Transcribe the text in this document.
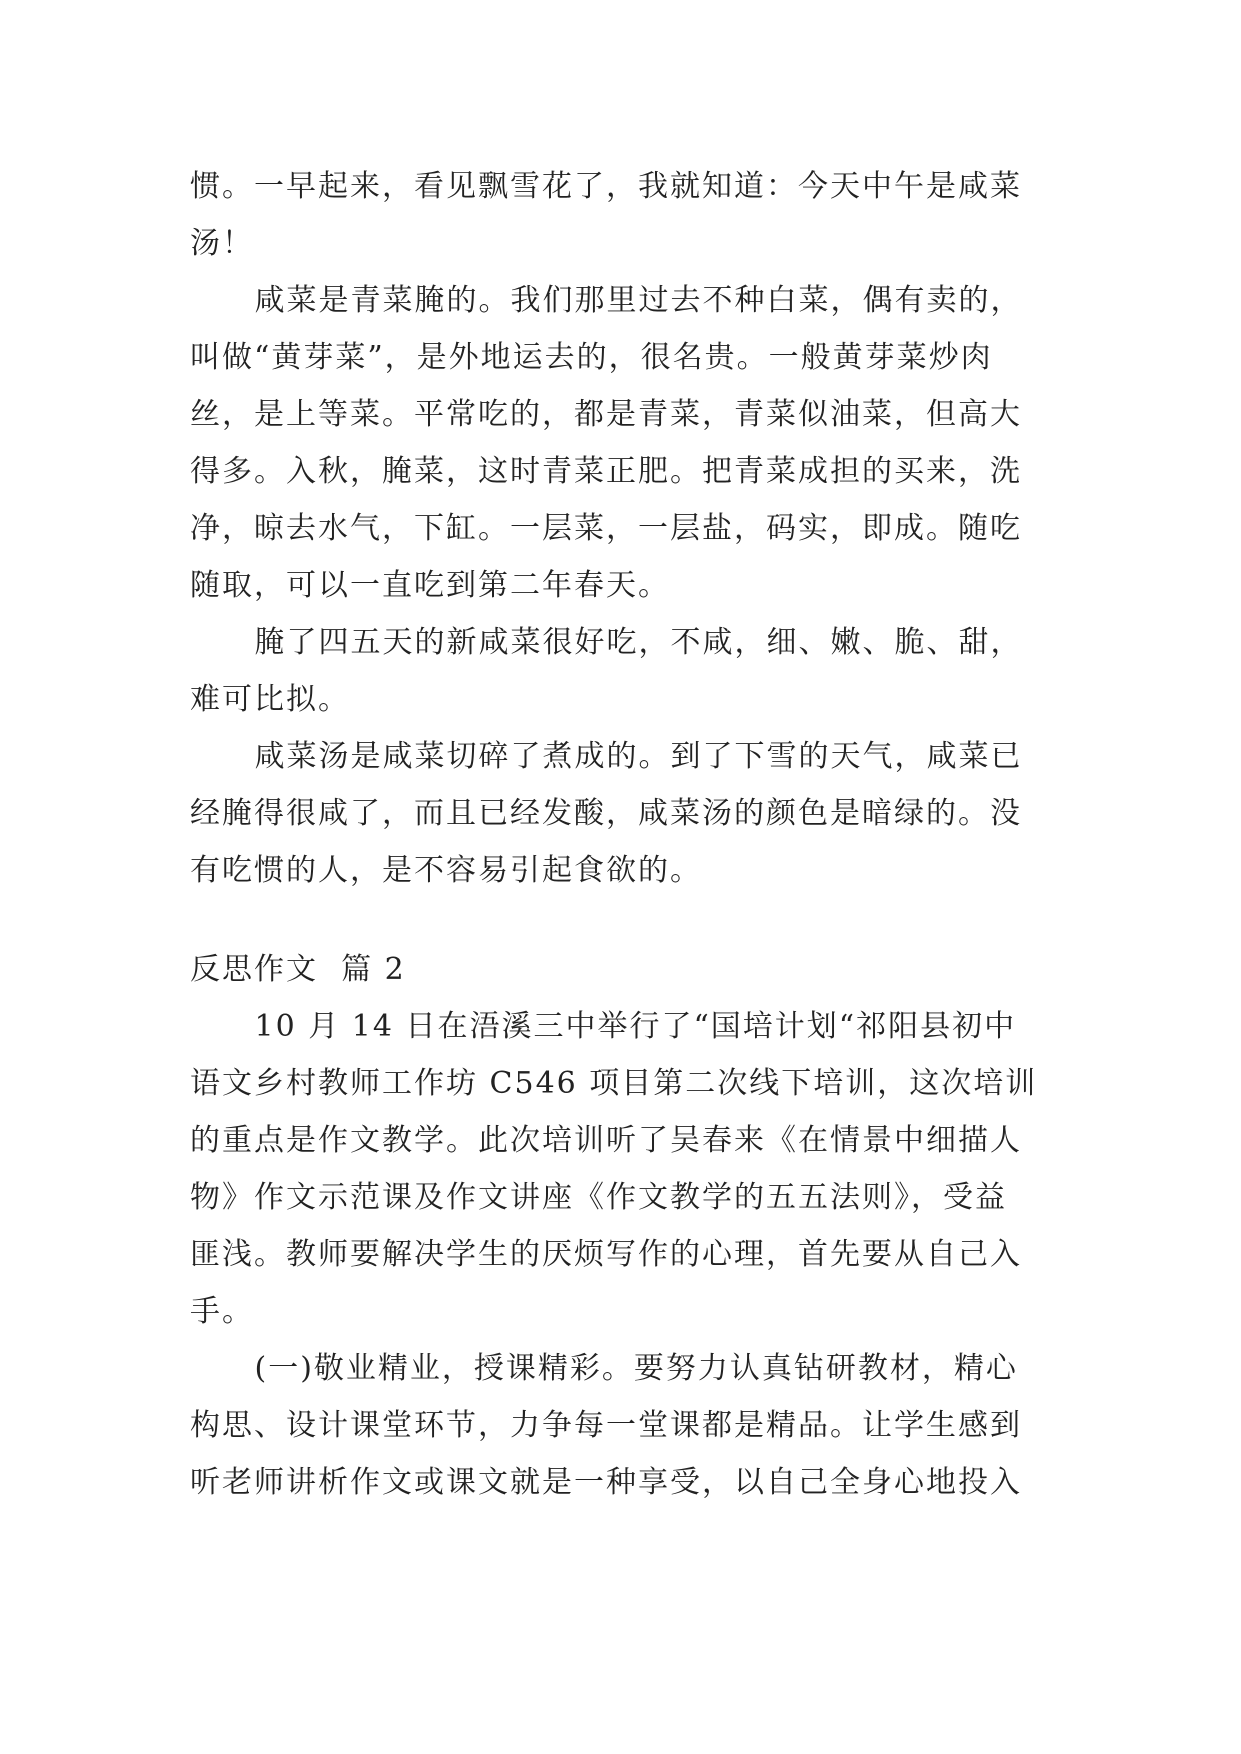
惯。一早起来，看见飘雪花了，我就知道：今天中午是咸菜
汤！

咸菜是青菜腌的。我们那里过去不种白菜，偶有卖的，
叫做“黄芽菜”，是外地运去的，很名贵。一般黄芽菜炒肉
丝，是上等菜。平常吃的，都是青菜，青菜似油菜，但高大
得多。入秋，腌菜，这时青菜正肥。把青菜成担的买来，洗
净，晾去水气，下缸。一层菜，一层盐，码实，即成。随吃
随取，可以一直吃到第二年春天。

腌了四五天的新咸菜很好吃，不咸，细、嫩、脆、甜，
难可比拟。

咸菜汤是咸菜切碎了煮成的。到了下雪的天气，咸菜已
经腌得很咸了，而且已经发酸，咸菜汤的颜色是暗绿的。没
有吃惯的人，是不容易引起食欲的。

反思作文  篇 2

10 月 14 日在浯溪三中举行了“国培计划“祁阳县初中
语文乡村教师工作坊 C546 项目第二次线下培训，这次培训
的重点是作文教学。此次培训听了吴春来《在情景中细描人
物》作文示范课及作文讲座《作文教学的五五法则》，受益
匪浅。教师要解决学生的厌烦写作的心理，首先要从自己入
手。

(一)敬业精业，授课精彩。要努力认真钻研教材，精心
构思、设计课堂环节，力争每一堂课都是精品。让学生感到
听老师讲析作文或课文就是一种享受，以自己全身心地投入
